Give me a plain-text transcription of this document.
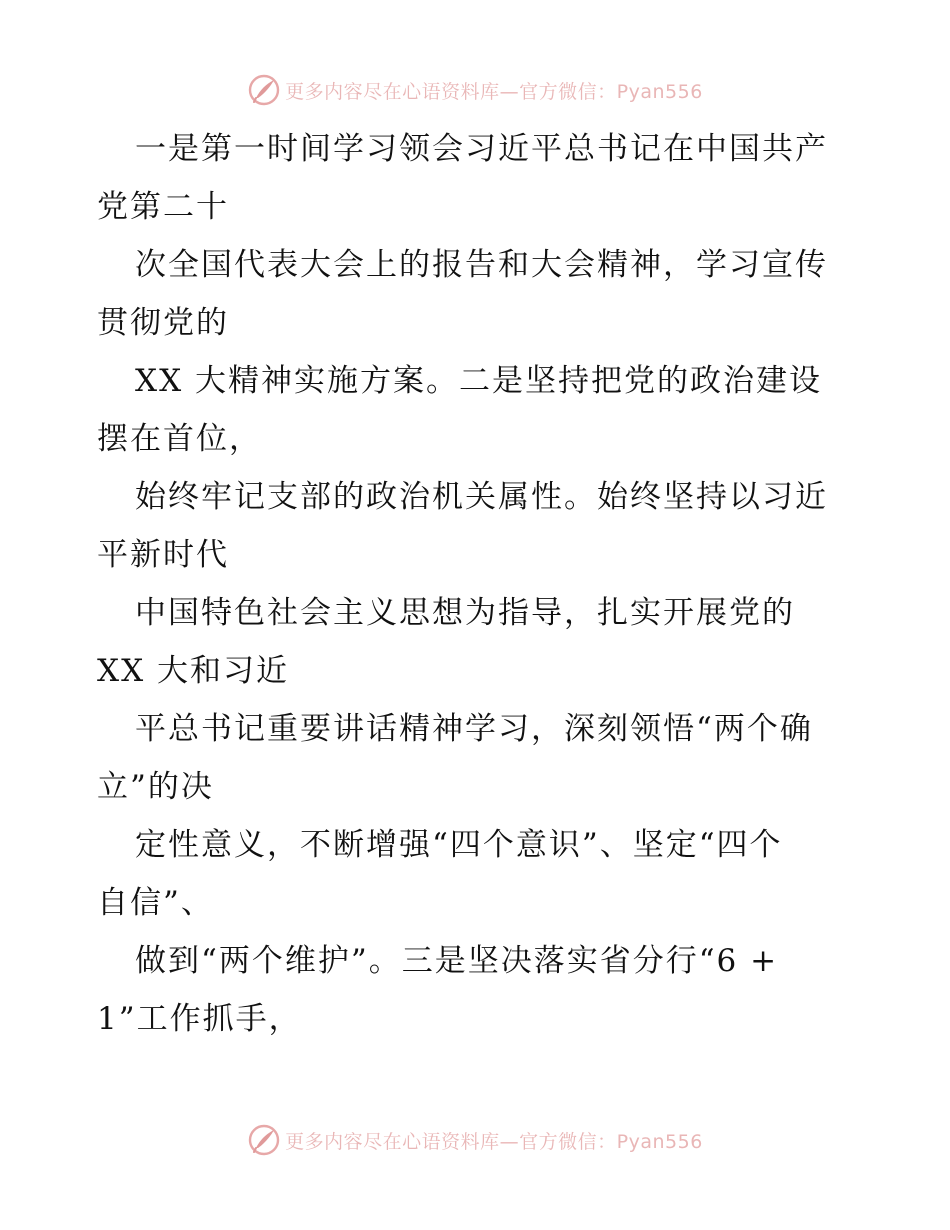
更多内容尽在心语资料库—官方微信：Pyan556
一是第一时间学习领会习近平总书记在中国共产
党第二十
次全国代表大会上的报告和大会精神，学习宣传
贯彻党的
XX 大精神实施方案。二是坚持把党的政治建设
摆在首位，
始终牢记支部的政治机关属性。始终坚持以习近
平新时代
中国特色社会主义思想为指导，扎实开展党的
XX 大和习近
平总书记重要讲话精神学习，深刻领悟“两个确
立”的决
定性意义，不断增强“四个意识”、坚定“四个
自信”、
做到“两个维护”。三是坚决落实省分行“6 +
1”工作抓手，
更多内容尽在心语资料库—官方微信：Pyan556
